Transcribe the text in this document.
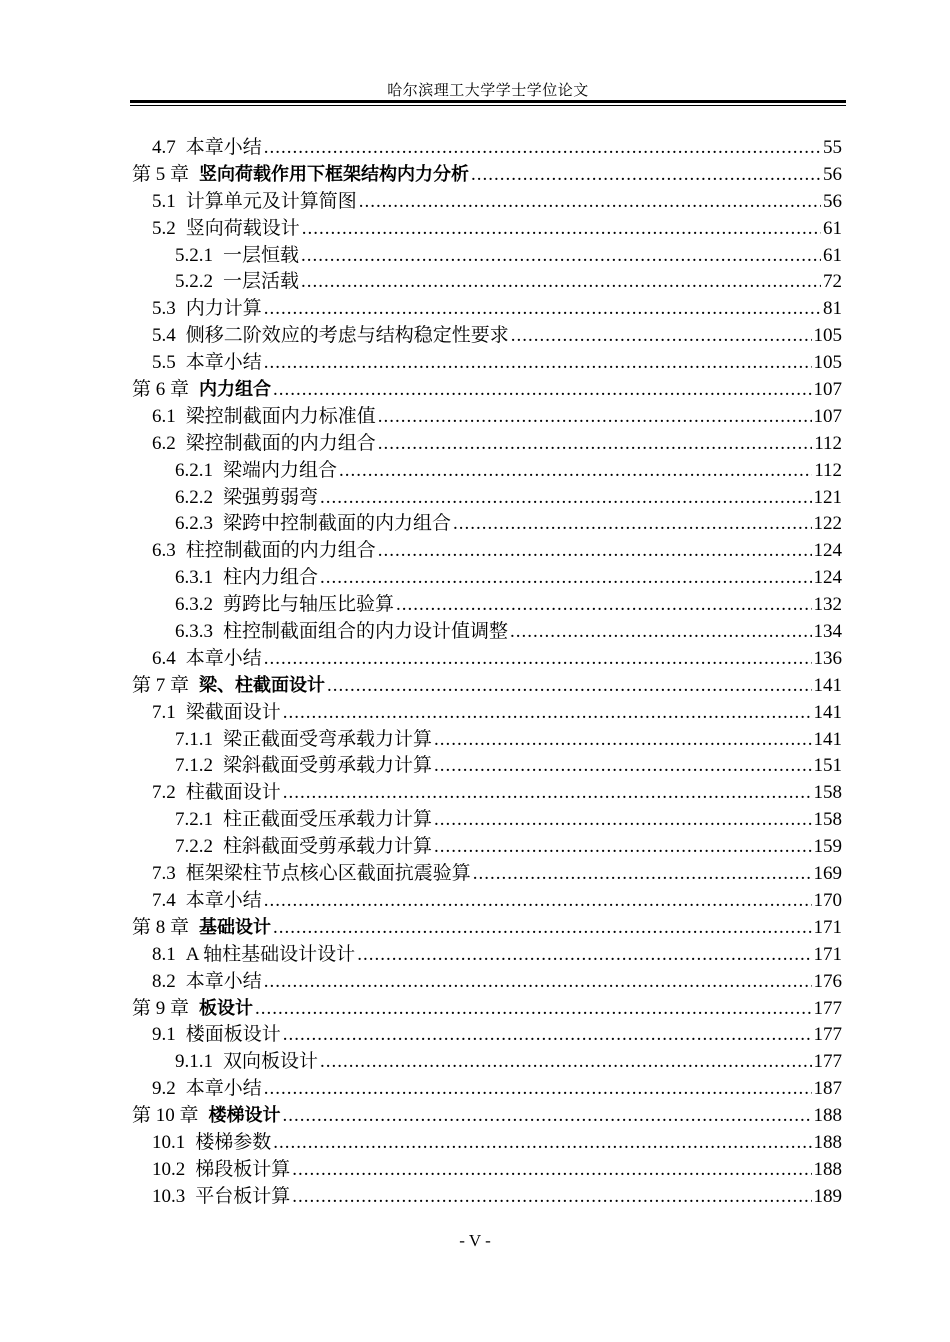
哈尔滨理工大学学士学位论文
4.7 本章小结 .....	55
第 5 章 竖向荷载作用下框架结构内力分析 .....	56
5.1 计算单元及计算简图 .....	56
5.2 竖向荷载设计 .....	61
5.2.1 一层恒载 .....	61
5.2.2 一层活载 .....	72
5.3 内力计算 .....	81
5.4 侧移二阶效应的考虑与结构稳定性要求 .....	105
5.5 本章小结 .....	105
第 6 章 内力组合 .....	107
6.1 梁控制截面内力标准值 .....	107
6.2 梁控制截面的内力组合 .....	112
6.2.1 梁端内力组合 .....	112
6.2.2 梁强剪弱弯 .....	121
6.2.3 梁跨中控制截面的内力组合 .....	122
6.3 柱控制截面的内力组合 .....	124
6.3.1 柱内力组合 .....	124
6.3.2 剪跨比与轴压比验算 .....	132
6.3.3 柱控制截面组合的内力设计值调整 .....	134
6.4 本章小结 .....	136
第 7 章 梁、柱截面设计 .....	141
7.1 梁截面设计 .....	141
7.1.1 梁正截面受弯承载力计算 .....	141
7.1.2 梁斜截面受剪承载力计算 .....	151
7.2 柱截面设计 .....	158
7.2.1 柱正截面受压承载力计算 .....	158
7.2.2 柱斜截面受剪承载力计算 .....	159
7.3 框架梁柱节点核心区截面抗震验算 .....	169
7.4 本章小结 .....	170
第 8 章 基础设计 .....	171
8.1 A 轴柱基础设计设计 .....	171
8.2 本章小结 .....	176
第 9 章 板设计 .....	177
9.1 楼面板设计 .....	177
9.1.1 双向板设计 .....	177
9.2 本章小结 .....	187
第 10 章 楼梯设计 .....	188
10.1 楼梯参数 .....	188
10.2 梯段板计算 .....	188
10.3 平台板计算 .....	189
- V -
